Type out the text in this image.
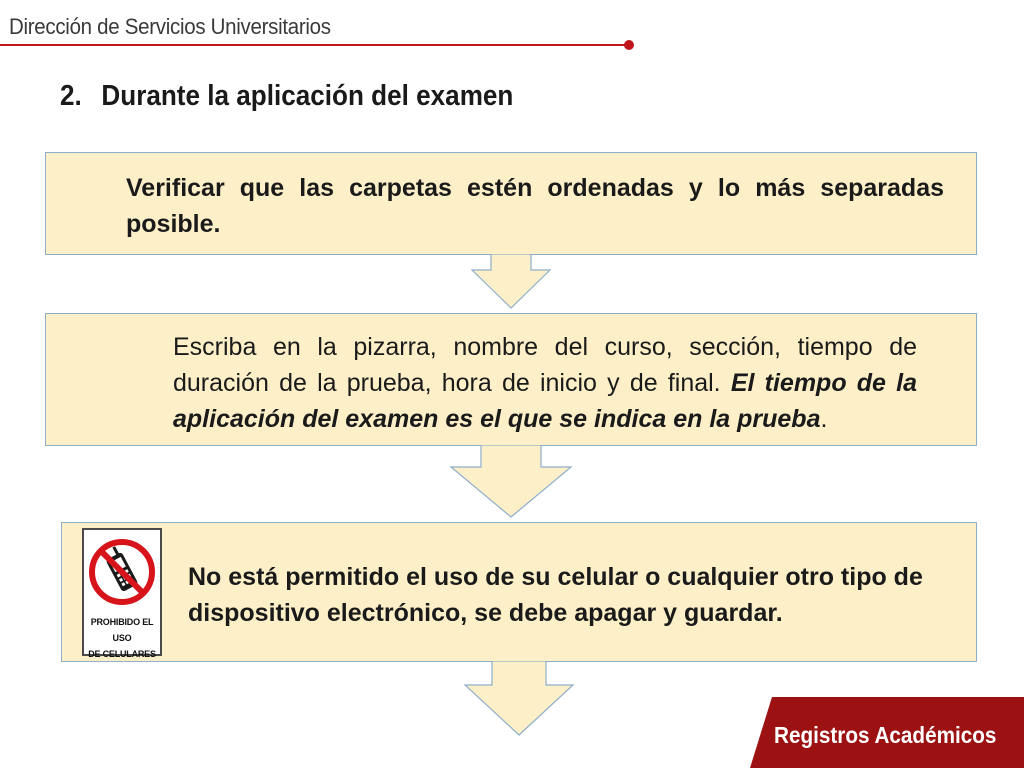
Dirección de Servicios Universitarios
2. Durante la aplicación del examen
Verificar que las carpetas estén ordenadas y lo más separadas posible.
Escriba en la pizarra, nombre del curso, sección, tiempo de duración de la prueba, hora de inicio y de final. El tiempo de la aplicación del examen es el que se indica en la prueba.
No está permitido el uso de su celular o cualquier otro tipo de dispositivo electrónico, se debe apagar y guardar.
PROHIBIDO EL USO
DE CELULARES
Registros Académicos
